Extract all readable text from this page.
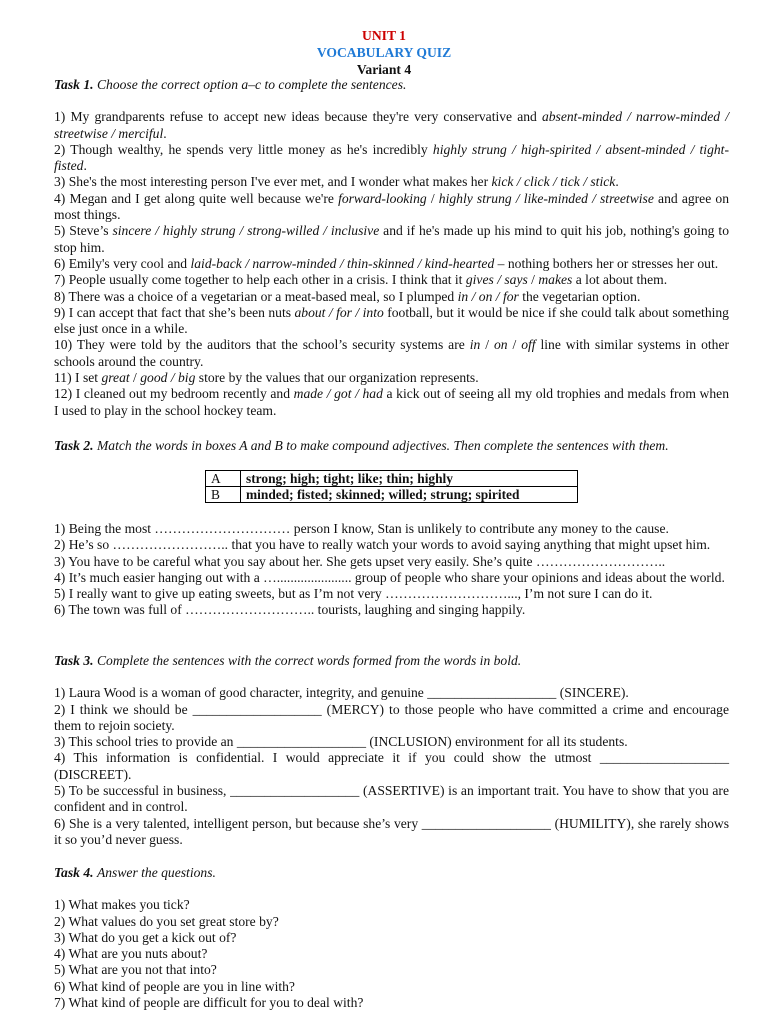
UNIT 1
VOCABULARY QUIZ
Variant 4

Task 1. Choose the correct option a–c to complete the sentences.

1) My grandparents refuse to accept new ideas because they're very conservative and absent-minded / narrow-minded / streetwise / merciful.

2) Though wealthy, he spends very little money as he's incredibly highly strung / high-spirited / absent-minded / tight-fisted.

3) She's the most interesting person I've ever met, and I wonder what makes her kick / click / tick / stick.

4) Megan and I get along quite well because we're forward-looking / highly strung / like-minded / streetwise and agree on most things.

5) Steve’s sincere / highly strung / strong-willed / inclusive and if he's made up his mind to quit his job, nothing's going to stop him.

6) Emily's very cool and laid-back / narrow-minded / thin-skinned / kind-hearted – nothing bothers her or stresses her out.

7) People usually come together to help each other in a crisis. I think that it gives / says / makes a lot about them.

8) There was a choice of a vegetarian or a meat-based meal, so I plumped in / on / for the vegetarian option.

9) I can accept that fact that she’s been nuts about / for / into football, but it would be nice if she could talk about something else just once in a while.

10) They were told by the auditors that the school’s security systems are in / on / off line with similar systems in other schools around the country.

11) I set great / good / big store by the values that our organization represents.

12) I cleaned out my bedroom recently and made / got / had a kick out of seeing all my old trophies and medals from when I used to play in the school hockey team.

Task 2. Match the words in boxes A and B to make compound adjectives. Then complete the sentences with them.

A	strong; high; tight; like; thin; highly
B	minded; fisted; skinned; willed; strung; spirited

1) Being the most ………………………… person I know, Stan is unlikely to contribute any money to the cause.

2) He’s so …………………….. that you have to really watch your words to avoid saying anything that might upset him.

3) You have to be careful what you say about her. She gets upset very easily. She’s quite ………………………..

4) It’s much easier hanging out with a …...................... group of people who share your opinions and ideas about the world.

5) I really want to give up eating sweets, but as I’m not very ………………………..., I’m not sure I can do it.

6) The town was full of ……………………….. tourists, laughing and singing happily.

Task 3. Complete the sentences with the correct words formed from the words in bold.

1) Laura Wood is a woman of good character, integrity, and genuine ___________________ (SINCERE).

2) I think we should be ___________________ (MERCY) to those people who have committed a crime and encourage them to rejoin society.

3) This school tries to provide an ___________________ (INCLUSION) environment for all its students.

4) This information is confidential. I would appreciate it if you could show the utmost ___________________ (DISCREET).

5) To be successful in business, ___________________ (ASSERTIVE) is an important trait. You have to show that you are confident and in control.

6) She is a very talented, intelligent person, but because she’s very ___________________ (HUMILITY), she rarely shows it so you’d never guess.

Task 4. Answer the questions.

1) What makes you tick?

2) What values do you set great store by?

3) What do you get a kick out of?

4) What are you nuts about?

5) What are you not that into?

6) What kind of people are you in line with?

7) What kind of people are difficult for you to deal with?
